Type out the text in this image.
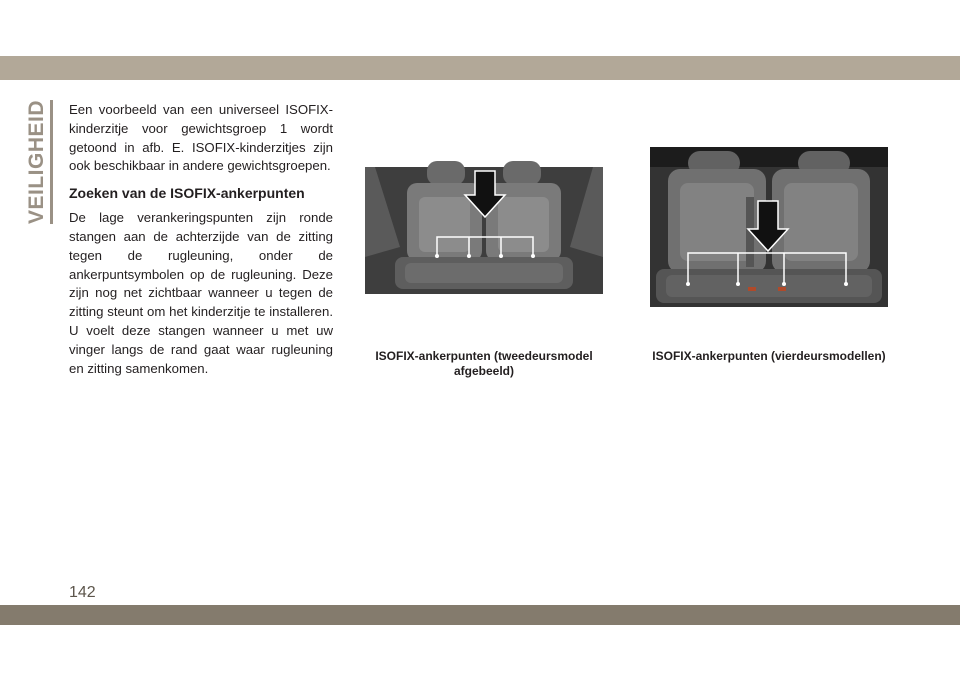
VEILIGHEID	Een voorbeeld van een universeel ISOFIX-kinderzitje voor gewichtsgroep 1 wordt getoond in afb. E. ISOFIX-kinderzitjes zijn ook beschikbaar in andere gewichtsgroepen.

Zoeken van de ISOFIX-ankerpunten

De lage verankeringspunten zijn ronde stangen aan de achterzijde van de zitting tegen de rugleuning, onder de ankerpuntsymbolen op de rugleuning. Deze zijn nog net zichtbaar wanneer u tegen de zitting steunt om het kinderzitje te installeren. U voelt deze stangen wanneer u met uw vinger langs de rand gaat waar rugleuning en zitting samenkomen.

ISOFIX-ankerpunten (tweedeursmodel afgebeeld)
ISOFIX-ankerpunten (vierdeursmodellen)
142
